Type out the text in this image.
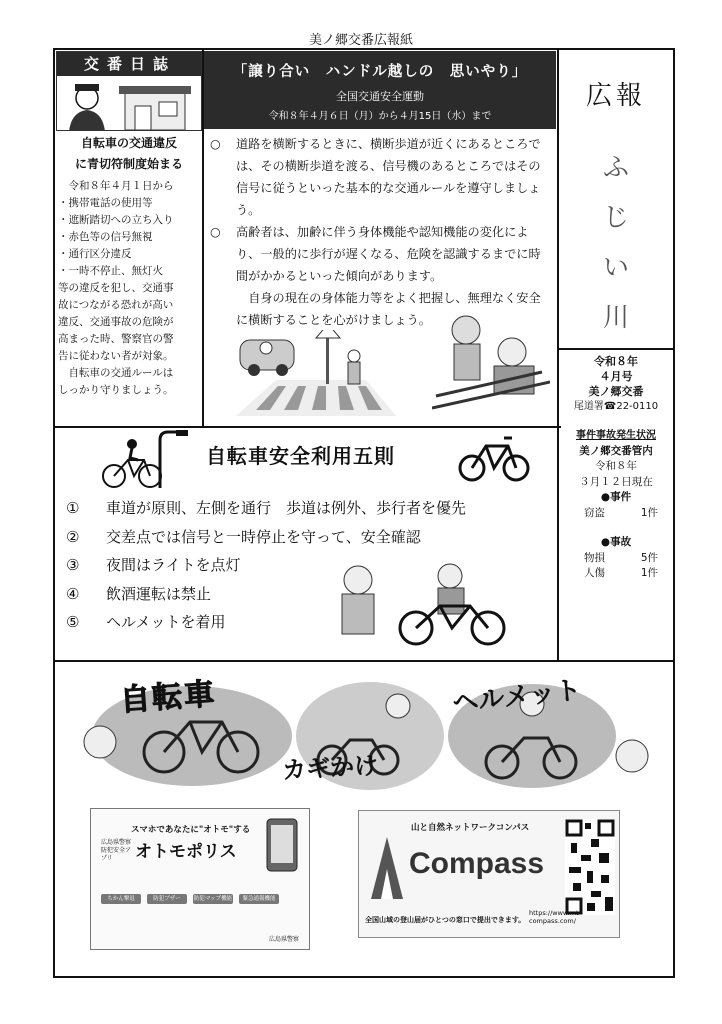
美ノ郷交番広報紙
交番日誌
自転車の交通違反
に青切符制度始まる
　令和８年４月１日から
・携帯電話の使用等
・遮断踏切への立ち入り
・赤色等の信号無視
・通行区分違反
・一時不停止、無灯火
等の違反を犯し、交通事
故につながる恐れが高い
違反、交通事故の危険が
高まった時、警察官の警
告に従わない者が対象。
　自転車の交通ルールは
しっかり守りましょう。
「譲り合い　ハンドル越しの　思いやり」
全国交通安全運動
令和８年４月６日（月）から４月15日（水）まで
○	道路を横断するときに、横断歩道が近くにあるところでは、その横断歩道を渡る、信号機のあるところではその信号に従うといった基本的な交通ルールを遵守しましょう。
○	高齢者は、加齢に伴う身体機能や認知機能の変化により、一般的に歩行が遅くなる、危険を認識するまでに時間がかかるといった傾向があります。
自身の現在の身体能力等をよく把握し、無理なく安全に横断することを心がけましょう。
広報
ふ
じ
い
川
令和８年
４月号
美ノ郷交番
尾道署☎22-0110
事件事故発生状況
美ノ郷交番管内
令和８年
３月１２日現在
●事件
窃盗	1件
●事故
物損	5件
人傷	1件
自転車安全利用五則
①	車道が原則、左側を通行　歩道は例外、歩行者を優先
②	交差点では信号と一時停止を守って、安全確認
③	夜間はライトを点灯
④	飲酒運転は禁止
⑤	ヘルメットを着用
自転車
カギかけ
ヘルメット
スマホであなたに"オトモ"する
広島県警察 防犯安全アプリ	オトモポリス
ちかん撃退	防犯ブザー	防犯マップ機能	緊急通報機能
広島県警察
山と自然ネットワークコンパス
Compass
全国山域の登山届がひとつの窓口で提出できます。
https://www.mt-compass.com/
